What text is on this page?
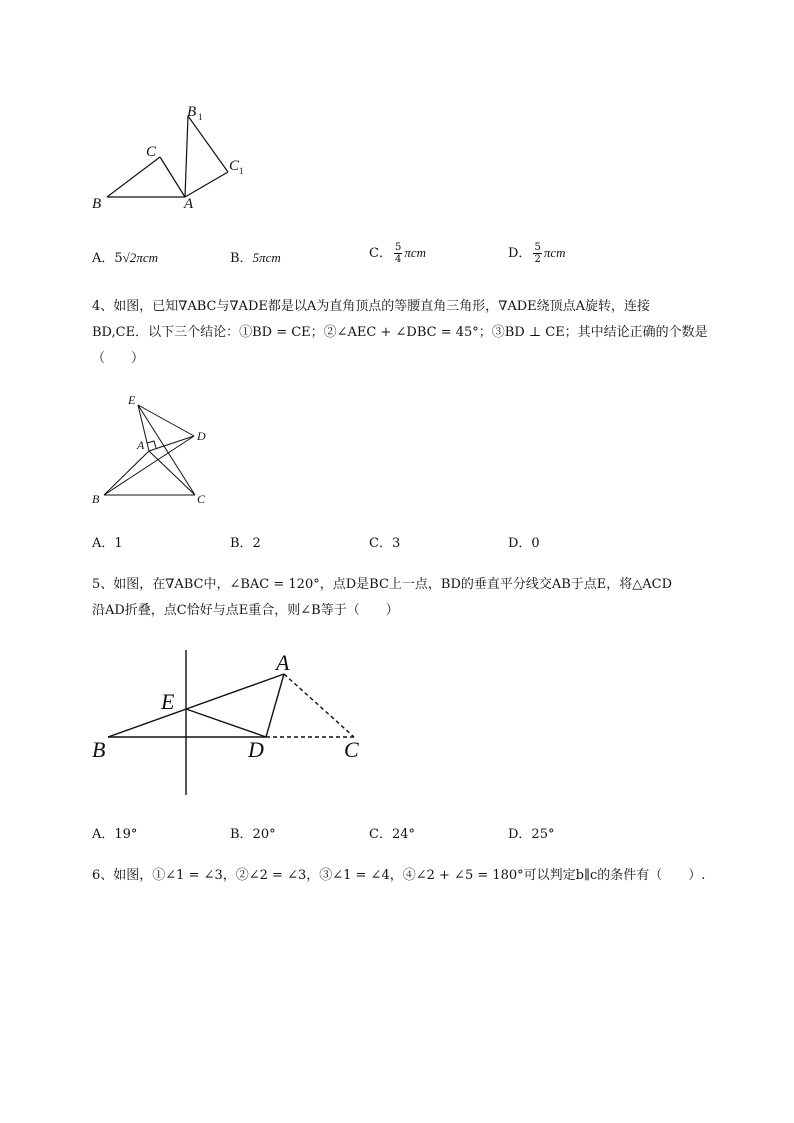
B 1
C
C 1
B	A
A．5√2πcm	B．5πcm	C． $\frac{5}{4}$ πcm	D． $\frac{5}{2}$ πcm
4、如图，已知∇ABC与∇ADE都是以A为直角顶点的等腰直角三角形，∇ADE绕顶点A旋转，连接
BD,CE．以下三个结论：①BD = CE；②∠AEC + ∠DBC = 45°；③BD ⊥ CE；其中结论正确的个数是
（　　）
E
D
A
B	C
A．1	B．2	C．3	D．0
5、如图，在∇ABC中，∠BAC = 120°，点D是BC上一点，BD的垂直平分线交AB于点E，将△ACD
沿AD折叠，点C恰好与点E重合，则∠B等于（　　）
A
E
B	D	C
A．19°	B．20°	C．24°	D．25°
6、如图，①∠1 = ∠3，②∠2 = ∠3，③∠1 = ∠4，④∠2 + ∠5 = 180°可以判定b∥c的条件有（　　）.
